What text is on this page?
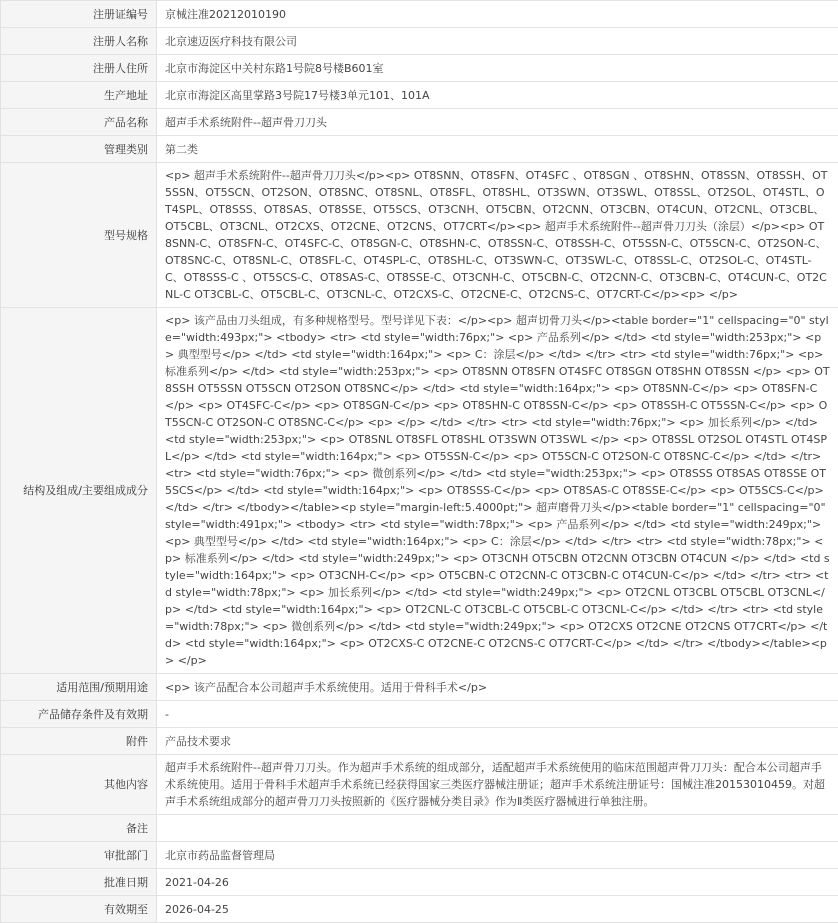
注册证编号	京械注准20212010190
注册人名称	北京速迈医疗科技有限公司
注册人住所	北京市海淀区中关村东路1号院8号楼B601室
生产地址	北京市海淀区高里掌路3号院17号楼3单元101、101A
产品名称	超声手术系统附件--超声骨刀刀头
管理类别	第二类
型号规格	<p> 超声手术系统附件--超声骨刀刀头</p><p> OT8SNN、OT8SFN、OT4SFC 、OT8SGN 、OT8SHN、OT8SSN、OT8SSH、OT5SSN、OT5SCN、OT2SON、OT8SNC、OT8SNL、OT8SFL、OT8SHL、OT3SWN、OT3SWL、OT8SSL、OT2SOL、OT4STL、OT4SPL、OT8SSS、OT8SAS、OT8SSE、OT5SCS、OT3CNH、OT5CBN、OT2CNN、OT3CBN、OT4CUN、OT2CNL、OT3CBL、OT5CBL、OT3CNL、OT2CXS、OT2CNE、OT2CNS、OT7CRT</p><p> 超声手术系统附件--超声骨刀刀头（涂层）</p><p> OT8SNN-C、OT8SFN-C、OT4SFC-C、OT8SGN-C、OT8SHN-C、OT8SSN-C、OT8SSH-C、OT5SSN-C、OT5SCN-C、OT2SON-C、OT8SNC-C、OT8SNL-C、OT8SFL-C、OT4SPL-C、OT8SHL-C、OT3SWN-C、OT3SWL-C、OT8SSL-C、OT2SOL-C、OT4STL-C、OT8SSS-C 、OT5SCS-C、OT8SAS-C、OT8SSE-C、OT3CNH-C、OT5CBN-C、OT2CNN-C、OT3CBN-C、OT4CUN-C、OT2CNL-C OT3CBL-C、OT5CBL-C、OT3CNL-C、OT2CXS-C、OT2CNE-C、OT2CNS-C、OT7CRT-C</p><p> </p>
结构及组成/主要组成成分	<p> 该产品由刀头组成，有多种规格型号。型号详见下表：</p><p> 超声切骨刀头</p><table border="1" cellspacing="0" style="width:493px;"> <tbody> <tr> <td style="width:76px;"> <p> 产品系列</p> </td> <td style="width:253px;"> <p> 典型型号</p> </td> <td style="width:164px;"> <p> C：涂层</p> </td> </tr> <tr> <td style="width:76px;"> <p> 标准系列</p> </td> <td style="width:253px;"> <p> OT8SNN OT8SFN OT4SFC OT8SGN OT8SHN OT8SSN </p> <p> OT8SSH OT5SSN OT5SCN OT2SON OT8SNC</p> </td> <td style="width:164px;"> <p> OT8SNN-C</p> <p> OT8SFN-C</p> <p> OT4SFC-C</p> <p> OT8SGN-C</p> <p> OT8SHN-C OT8SSN-C</p> <p> OT8SSH-C OT5SSN-C</p> <p> OT5SCN-C OT2SON-C OT8SNC-C</p> <p> </p> </td> </tr> <tr> <td style="width:76px;"> <p> 加长系列</p> </td> <td style="width:253px;"> <p> OT8SNL OT8SFL OT8SHL OT3SWN OT3SWL </p> <p> OT8SSL OT2SOL OT4STL OT4SPL</p> </td> <td style="width:164px;"> <p> OT5SSN-C</p> <p> OT5SCN-C OT2SON-C OT8SNC-C</p> </td> </tr> <tr> <td style="width:76px;"> <p> 微创系列</p> </td> <td style="width:253px;"> <p> OT8SSS OT8SAS OT8SSE OT5SCS</p> </td> <td style="width:164px;"> <p> OT8SSS-C</p> <p> OT8SAS-C OT8SSE-C</p> <p> OT5SCS-C</p> </td> </tr> </tbody></table><p style="margin-left:5.4000pt;"> 超声磨骨刀头</p><table border="1" cellspacing="0" style="width:491px;"> <tbody> <tr> <td style="width:78px;"> <p> 产品系列</p> </td> <td style="width:249px;"> <p> 典型型号</p> </td> <td style="width:164px;"> <p> C：涂层</p> </td> </tr> <tr> <td style="width:78px;"> <p> 标准系列</p> </td> <td style="width:249px;"> <p> OT3CNH OT5CBN OT2CNN OT3CBN OT4CUN </p> </td> <td style="width:164px;"> <p> OT3CNH-C</p> <p> OT5CBN-C OT2CNN-C OT3CBN-C OT4CUN-C</p> </td> </tr> <tr> <td style="width:78px;"> <p> 加长系列</p> </td> <td style="width:249px;"> <p> OT2CNL OT3CBL OT5CBL OT3CNL</p> </td> <td style="width:164px;"> <p> OT2CNL-C OT3CBL-C OT5CBL-C OT3CNL-C</p> </td> </tr> <tr> <td style="width:78px;"> <p> 微创系列</p> </td> <td style="width:249px;"> <p> OT2CXS OT2CNE OT2CNS OT7CRT</p> </td> <td style="width:164px;"> <p> OT2CXS-C OT2CNE-C OT2CNS-C OT7CRT-C</p> </td> </tr> </tbody></table><p> </p>
适用范围/预期用途	<p> 该产品配合本公司超声手术系统使用。适用于骨科手术</p>
产品储存条件及有效期	-
附件	产品技术要求
其他内容	超声手术系统附件--超声骨刀刀头。作为超声手术系统的组成部分，适配超声手术系统使用的临床范围超声骨刀刀头：配合本公司超声手术系统使用。适用于骨科手术超声手术系统已经获得国家三类医疗器械注册证；超声手术系统注册证号：国械注准20153010459。对超声手术系统组成部分的超声骨刀刀头按照新的《医疗器械分类目录》作为Ⅱ类医疗器械进行单独注册。
备注	
审批部门	北京市药品监督管理局
批准日期	2021-04-26
有效期至	2026-04-25
